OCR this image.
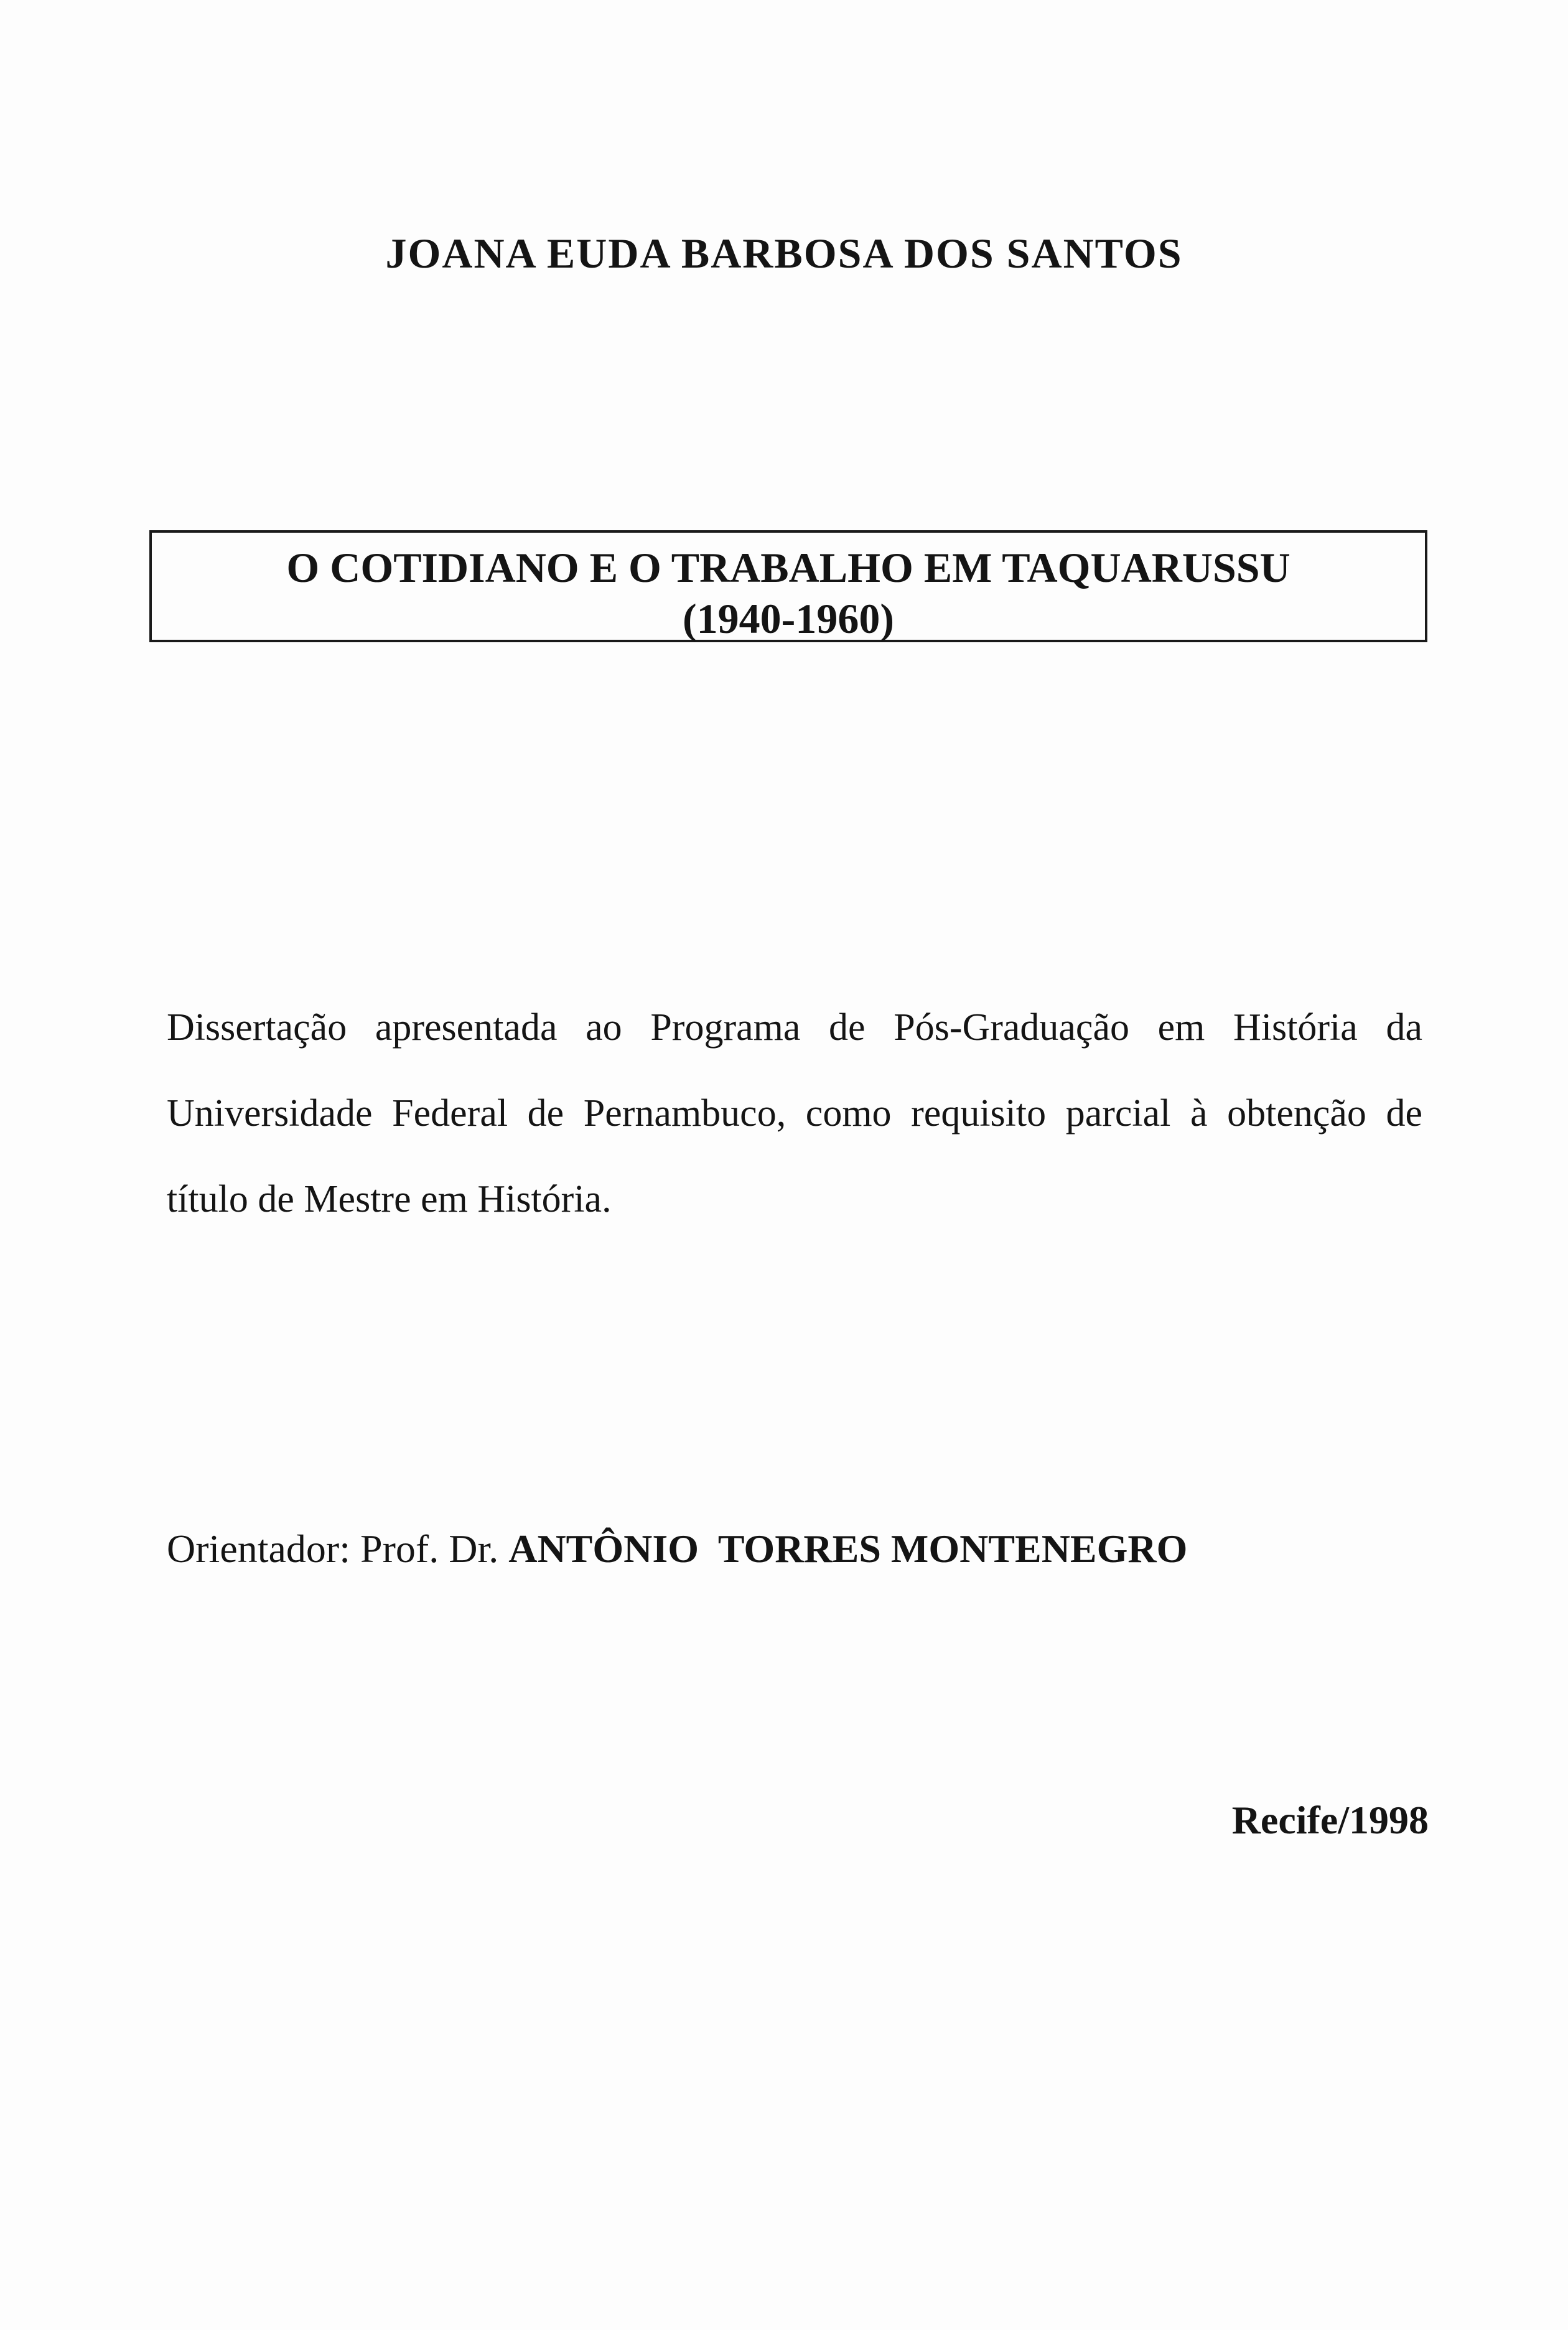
JOANA EUDA BARBOSA DOS SANTOS
O COTIDIANO E O TRABALHO EM TAQUARUSSU
(1940-1960)
Dissertação apresentada ao Programa de Pós-Graduação em História da Universidade Federal de Pernambuco, como requisito parcial à obtenção de título de Mestre em História.
Orientador: Prof. Dr. ANTÔNIO  TORRES MONTENEGRO
Recife/1998
